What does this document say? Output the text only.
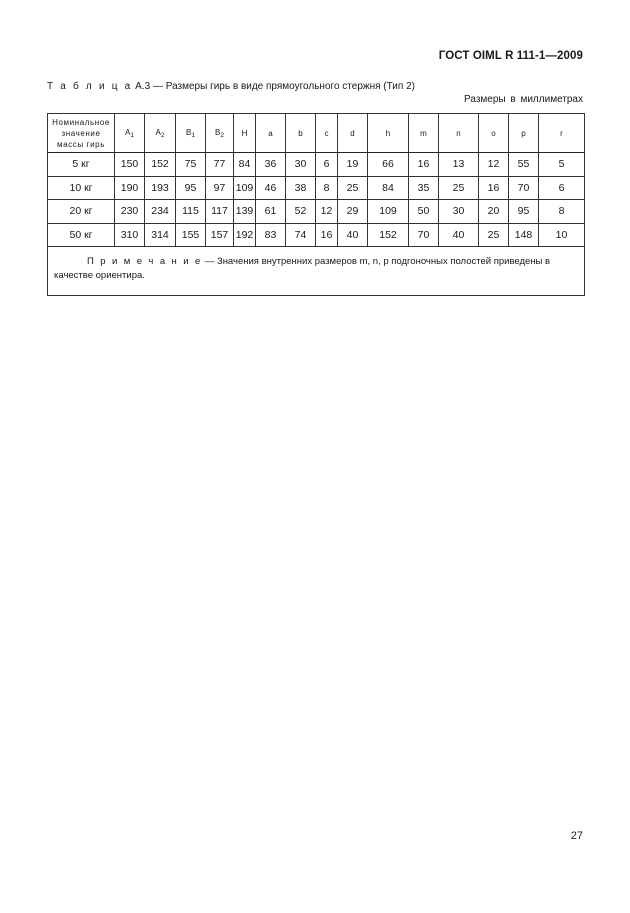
ГОСТ OIML R 111-1—2009
Т а б л и ц а А.3 — Размеры гирь в виде прямоугольного стержня (Тип 2)
Размеры в миллиметрах
Номинальное значение массы гирь	$A_1$	$A_2$	$B_1$	$B_2$	H	a	b	c	d	h	m	n	o	p	r
5 кг	150	152	75	77	84	36	30	6	19	66	16	13	12	55	5
10 кг	190	193	95	97	109	46	38	8	25	84	35	25	16	70	6
20 кг	230	234	115	117	139	61	52	12	29	109	50	30	20	95	8
50 кг	310	314	155	157	192	83	74	16	40	152	70	40	25	148	10
П р и м е ч а н и е — Значения внутренних размеров m, n, p подгоночных полостей приведены в качестве ориентира.															
27
